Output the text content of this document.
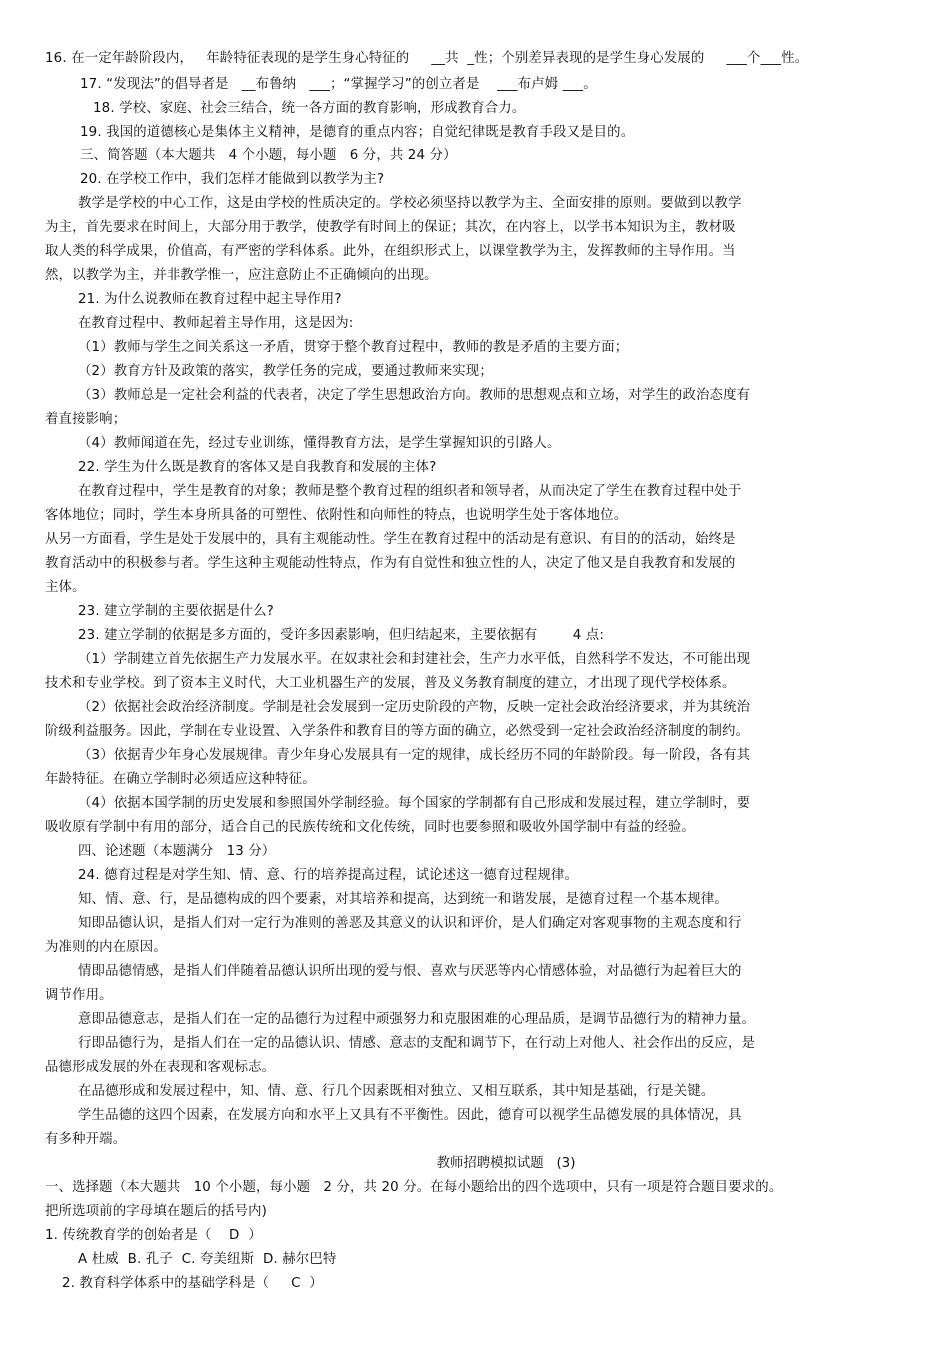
16. 在一定年龄阶段内，   年龄特征表现的是学生身心特征的     __共  _性；个别差异表现的是学生身心发展的     ___个___性。
17. “发现法”的倡导者是   __布鲁纳   ___；“掌握学习”的创立者是    ___布卢姆 ___。
18. 学校、家庭、社会三结合，统一各方面的教育影响，形成教育合力。
19. 我国的道德核心是集体主义精神，是德育的重点内容；自觉纪律既是教育手段又是目的。
三、简答题（本大题共   4 个小题，每小题   6 分，共 24 分）
20. 在学校工作中，我们怎样才能做到以教学为主?
教学是学校的中心工作，这是由学校的性质决定的。学校必须坚持以教学为主、全面安排的原则。要做到以教学
为主，首先要求在时间上，大部分用于教学，使教学有时间上的保证；其次，在内容上，以学书本知识为主，教材吸
取人类的科学成果，价值高，有严密的学科体系。此外，在组织形式上，以课堂教学为主，发挥教师的主导作用。当
然，以教学为主，并非教学惟一，应注意防止不正确倾向的出现。
21. 为什么说教师在教育过程中起主导作用?
在教育过程中、教师起着主导作用，这是因为:
（1）教师与学生之间关系这一矛盾，贯穿于整个教育过程中，教师的教是矛盾的主要方面；
（2）教育方针及政策的落实，教学任务的完成，要通过教师来实现；
（3）教师总是一定社会利益的代表者，决定了学生思想政治方向。教师的思想观点和立场，对学生的政治态度有
着直接影响；
（4）教师闻道在先，经过专业训练，懂得教育方法，是学生掌握知识的引路人。
22. 学生为什么既是教育的客体又是自我教育和发展的主体?
在教育过程中，学生是教育的对象；教师是整个教育过程的组织者和领导者，从而决定了学生在教育过程中处于
客体地位；同时，学生本身所具备的可塑性、依附性和向师性的特点，也说明学生处于客体地位。
从另一方面看，学生是处于发展中的，具有主观能动性。学生在教育过程中的活动是有意识、有目的的活动，始终是
教育活动中的积极参与者。学生这种主观能动性特点，作为有自觉性和独立性的人，决定了他又是自我教育和发展的
主体。
23. 建立学制的主要依据是什么?
23. 建立学制的依据是多方面的，受许多因素影响，但归结起来，主要依据有        4 点:
（1）学制建立首先依据生产力发展水平。在奴隶社会和封建社会，生产力水平低，自然科学不发达，不可能出现
技术和专业学校。到了资本主义时代，大工业机器生产的发展，普及义务教育制度的建立，才出现了现代学校体系。
（2）依据社会政治经济制度。学制是社会发展到一定历史阶段的产物，反映一定社会政治经济要求，并为其统治
阶级利益服务。因此，学制在专业设置、入学条件和教育目的等方面的确立，必然受到一定社会政治经济制度的制约。
（3）依据青少年身心发展规律。青少年身心发展具有一定的规律，成长经历不同的年龄阶段。每一阶段，各有其
年龄特征。在确立学制时必须适应这种特征。
（4）依据本国学制的历史发展和参照国外学制经验。每个国家的学制都有自己形成和发展过程，建立学制时，要
吸收原有学制中有用的部分，适合自己的民族传统和文化传统，同时也要参照和吸收外国学制中有益的经验。
四、论述题（本题满分   13 分）
24. 德育过程是对学生知、情、意、行的培养提高过程，试论述这一德育过程规律。
知、情、意、行，是品德构成的四个要素，对其培养和提高，达到统一和谐发展，是德育过程一个基本规律。
知即品德认识，是指人们对一定行为准则的善恶及其意义的认识和评价，是人们确定对客观事物的主观态度和行
为准则的内在原因。
情即品德情感，是指人们伴随着品德认识所出现的爱与恨、喜欢与厌恶等内心情感体验，对品德行为起着巨大的
调节作用。
意即品德意志，是指人们在一定的品德行为过程中顽强努力和克服困难的心理品质，是调节品德行为的精神力量。
行即品德行为，是指人们在一定的品德认识、情感、意志的支配和调节下，在行动上对他人、社会作出的反应，是
品德形成发展的外在表现和客观标志。
在品德形成和发展过程中，知、情、意、行几个因素既相对独立、又相互联系，其中知是基础，行是关键。
学生品德的这四个因素，在发展方向和水平上又具有不平衡性。因此，德育可以视学生品德发展的具体情况，具
有多种开端。
教师招聘模拟试题   (3)
一、选择题（本大题共   10 个小题，每小题   2 分，共 20 分。在每小题给出的四个选项中，只有一项是符合题目要求的。
把所选项前的字母填在题后的括号内)
1. 传统教育学的创始者是（    D  ）
A 杜威  B. 孔子  C. 夸美纽斯  D. 赫尔巴特
2. 教育科学体系中的基础学科是（     C  ）
